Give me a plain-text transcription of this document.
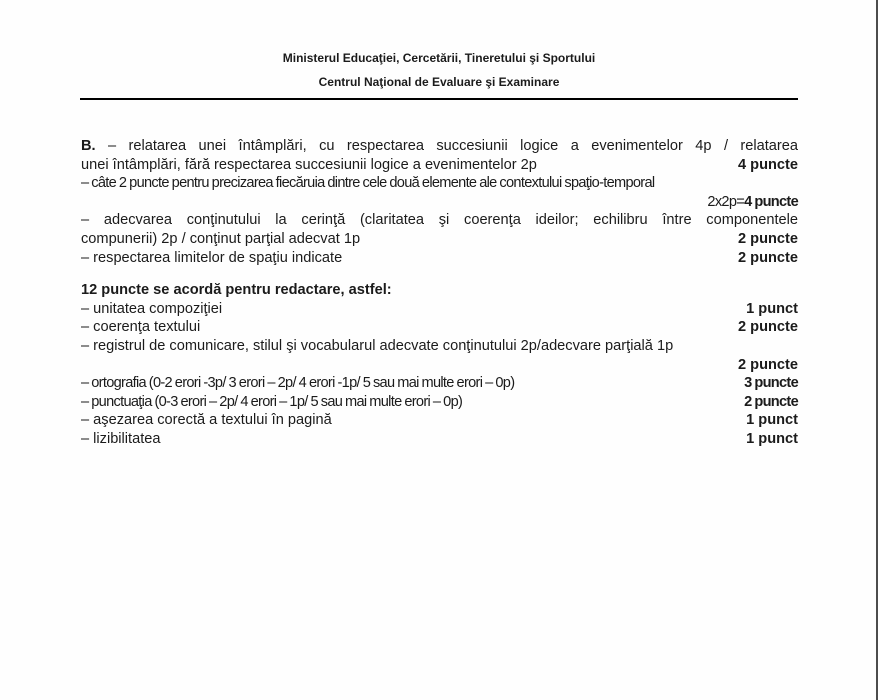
Ministerul Educaţiei, Cercetării, Tineretului şi Sportului
Centrul Naţional de Evaluare şi Examinare
B. – relatarea unei întâmplări, cu respectarea succesiunii logice a evenimentelor 4p / relatarea
unei întâmplări, fără respectarea succesiunii logice a evenimentelor 2p	4 puncte
– câte 2 puncte pentru precizarea fiecăruia dintre cele două elemente ale contextului spaţio-temporal
2x2p=4 puncte
– adecvarea conţinutului la cerinţă (claritatea şi coerenţa ideilor; echilibru între componentele
compunerii) 2p / conţinut parţial adecvat 1p	2 puncte
– respectarea limitelor de spaţiu indicate	2 puncte
12 puncte se acordă pentru redactare, astfel:
– unitatea compoziţiei	1 punct
– coerenţa textului	2 puncte
– registrul de comunicare, stilul şi vocabularul adecvate conţinutului 2p/adecvare parţială 1p
2 puncte
– ortografia (0-2 erori -3p/ 3 erori – 2p/ 4 erori -1p/ 5 sau mai multe erori – 0p)	3 puncte
– punctuaţia (0-3 erori – 2p/ 4 erori – 1p/ 5 sau mai multe erori – 0p)	2 puncte
– aşezarea corectă a textului în pagină	1 punct
– lizibilitatea	1 punct
